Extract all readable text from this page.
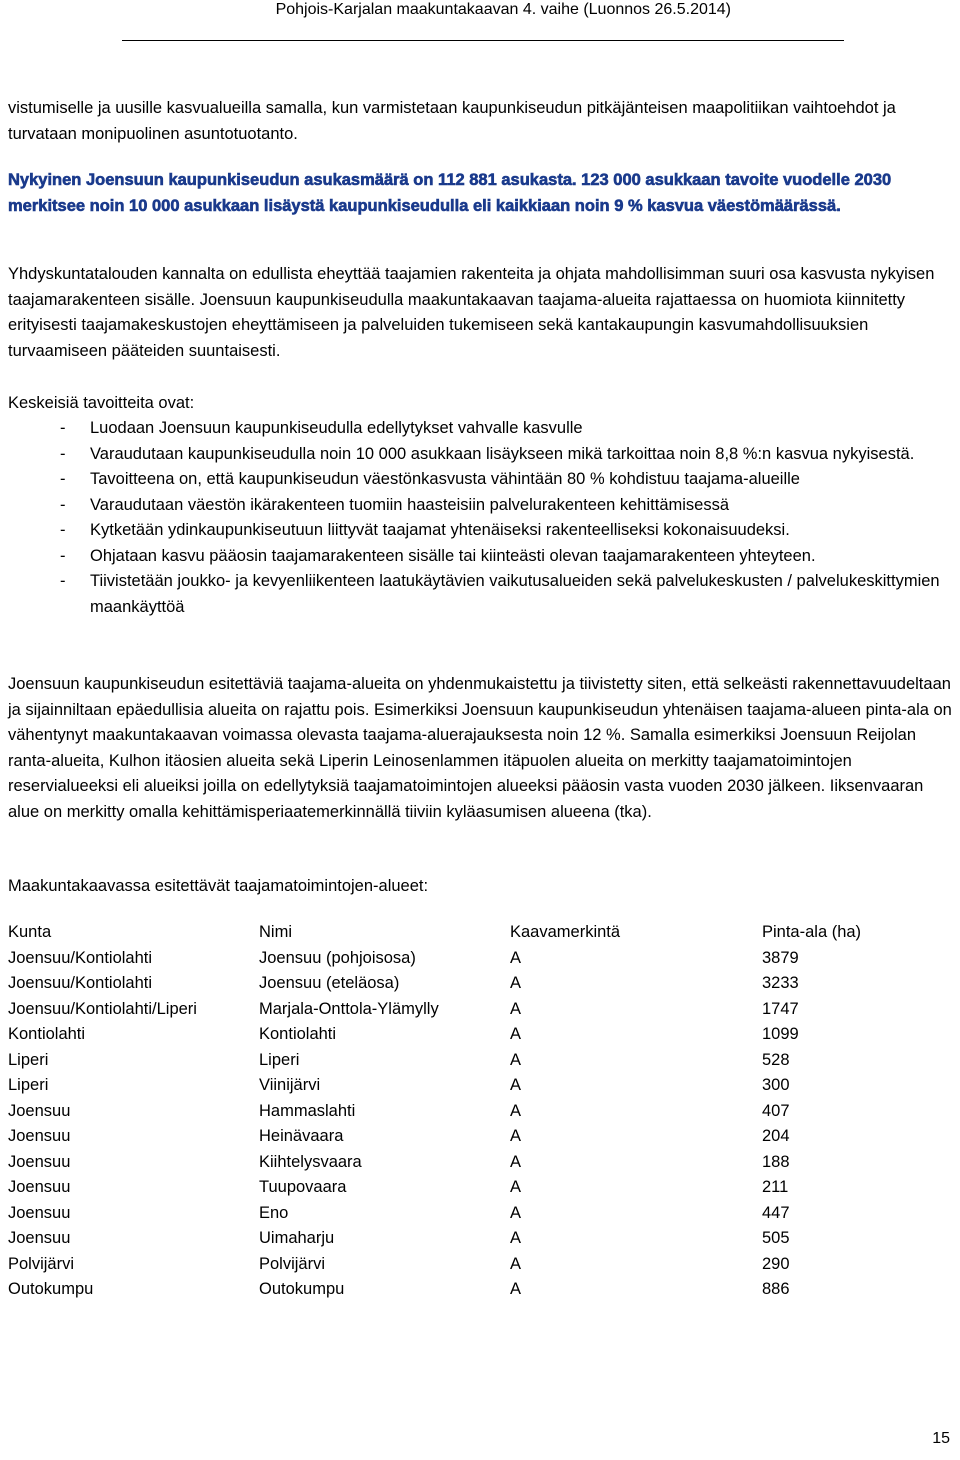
Pohjois-Karjalan maakuntakaavan 4. vaihe (Luonnos 26.5.2014)

vistumiselle ja uusille kasvualueilla samalla, kun varmistetaan kaupunkiseudun pitkäjänteisen maapolitiikan vaihtoehdot ja turvataan monipuolinen asuntotuotanto.

Nykyinen Joensuun kaupunkiseudun asukasmäärä on 112 881 asukasta. 123 000 asukkaan tavoite vuodelle 2030 merkitsee noin 10 000 asukkaan lisäystä kaupunkiseudulla eli kaikkiaan noin 9 % kasvua väestömäärässä.

Yhdyskuntatalouden kannalta on edullista eheyttää taajamien rakenteita ja ohjata mahdollisimman suuri osa kasvusta nykyisen taajamarakenteen sisälle. Joensuun kaupunkiseudulla maakuntakaavan taajama-alueita rajattaessa on huomiota kiinnitetty erityisesti taajamakeskustojen eheyttämiseen ja palveluiden tukemiseen sekä kantakaupungin kasvumahdollisuuksien turvaamiseen pääteiden suuntaisesti.

Keskeisiä tavoitteita ovat:

- Luodaan Joensuun kaupunkiseudulla edellytykset vahvalle kasvulle
- Varaudutaan kaupunkiseudulla noin 10 000 asukkaan lisäykseen mikä tarkoittaa noin 8,8 %:n kasvua nykyisestä.
- Tavoitteena on, että kaupunkiseudun väestönkasvusta vähintään 80 % kohdistuu taajama-alueille
- Varaudutaan väestön ikärakenteen tuomiin haasteisiin palvelurakenteen kehittämisessä
- Kytketään ydinkaupunkiseutuun liittyvät taajamat yhtenäiseksi rakenteelliseksi kokonaisuudeksi.
- Ohjataan kasvu pääosin taajamarakenteen sisälle tai kiinteästi olevan taajamarakenteen yhteyteen.
- Tiivistetään joukko- ja kevyenliikenteen laatukäytävien vaikutusalueiden sekä palvelukeskusten / palvelukeskittymien maankäyttöä

Joensuun kaupunkiseudun esitettäviä taajama-alueita on yhdenmukaistettu ja tiivistetty siten, että selkeästi rakennettavuudeltaan ja sijainniltaan epäedullisia alueita on rajattu pois. Esimerkiksi Joensuun kaupunkiseudun yhtenäisen taajama-alueen pinta-ala on vähentynyt maakuntakaavan voimassa olevasta taajama-aluerajauksesta noin 12 %. Samalla esimerkiksi Joensuun Reijolan ranta-alueita, Kulhon itäosien alueita sekä Liperin Leinosenlammen itäpuolen alueita on merkitty taajamatoimintojen reservialueeksi eli alueiksi joilla on edellytyksiä taajamatoimintojen alueeksi pääosin vasta vuoden 2030 jälkeen. Iiksenvaaran alue on merkitty omalla kehittämisperiaatemerkinnällä tiiviin kyläasumisen alueena (tka).

Maakuntakaavassa esitettävät taajamatoimintojen-alueet:

Kunta	Nimi	Kaavamerkintä	Pinta-ala (ha)
Joensuu/Kontiolahti	Joensuu (pohjoisosa)	A	3879
Joensuu/Kontiolahti	Joensuu (eteläosa)	A	3233
Joensuu/Kontiolahti/Liperi	Marjala-Onttola-Ylämylly	A	1747
Kontiolahti	Kontiolahti	A	1099
Liperi	Liperi	A	528
Liperi	Viinijärvi	A	300
Joensuu	Hammaslahti	A	407
Joensuu	Heinävaara	A	204
Joensuu	Kiihtelysvaara	A	188
Joensuu	Tuupovaara	A	211
Joensuu	Eno	A	447
Joensuu	Uimaharju	A	505
Polvijärvi	Polvijärvi	A	290
Outokumpu	Outokumpu	A	886
15
